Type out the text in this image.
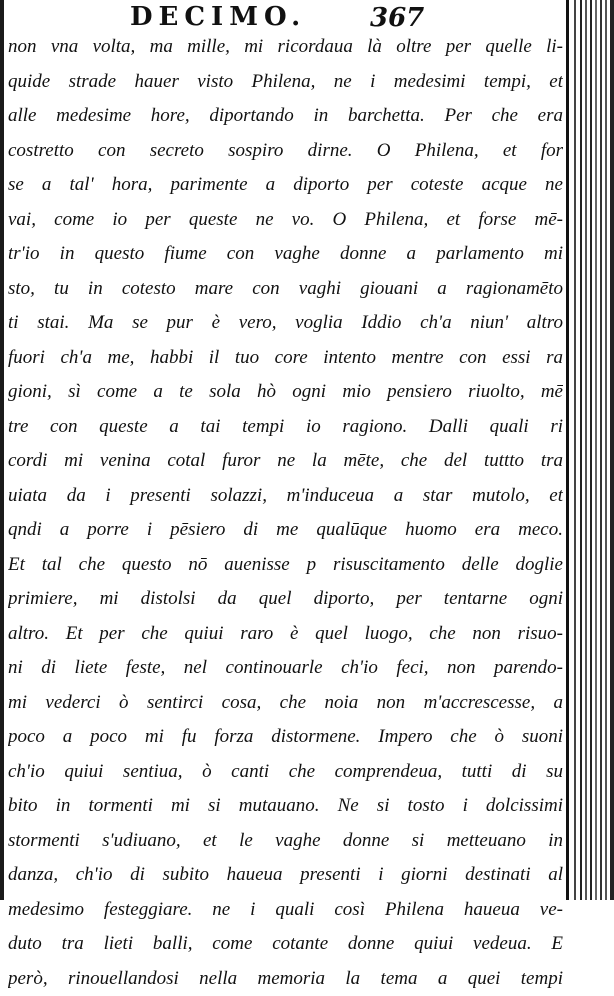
DECIMO. 367
non vna volta, ma mille, mi ricordaua là oltre per quelle li-
quide strade hauer visto Philena, ne i medesimi tempi, et
alle medesime hore, diportando in barchetta. Per che era
costretto con secreto sospiro dirne. O Philena, et for
se a tal' hora, parimente a diporto per coteste acque ne
vai, come io per queste ne vo. O Philena, et forse mē-
tr'io in questo fiume con vaghe donne a parlamento mi
sto, tu in cotesto mare con vaghi giouani a ragionamēto
ti stai. Ma se pur è vero, voglia Iddio ch'a niun' altro
fuori ch'a me, habbi il tuo core intento mentre con essi ra
gioni, sì come a te sola hò ogni mio pensiero riuolto, mē
tre con queste a tai tempi io ragiono. Dalli quali ri
cordi mi venina cotal furor ne la mēte, che del tuttto tra
uiata da i presenti solazzi, m'induceua a star mutolo, et
qndi a porre i pēsiero di me qualūque huomo era meco.
Et tal che questo nō auenisse p risuscitamento delle doglie
primiere, mi distolsi da quel diporto, per tentarne ogni
altro. Et per che quiui raro è quel luogo, che non risuo-
ni di liete feste, nel continouarle ch'io feci, non parendo-
mi vederci ò sentirci cosa, che noia non m'accrescesse, a
poco a poco mi fu forza distormene. Impero che ò suoni
ch'io quiui sentiua, ò canti che comprendeua, tutti di su
bito in tormenti mi si mutauano. Ne si tosto i dolcissimi
stormenti s'udiuano, et le vaghe donne si metteuano in
danza, ch'io di subito haueua presenti i giorni destinati al
medesimo festeggiare. ne i quali così Philena haueua ve-
duto tra lieti balli, come cotante donne quiui vedeua. E
però, rinouellandosi nella memoria la tema a quei tempi
